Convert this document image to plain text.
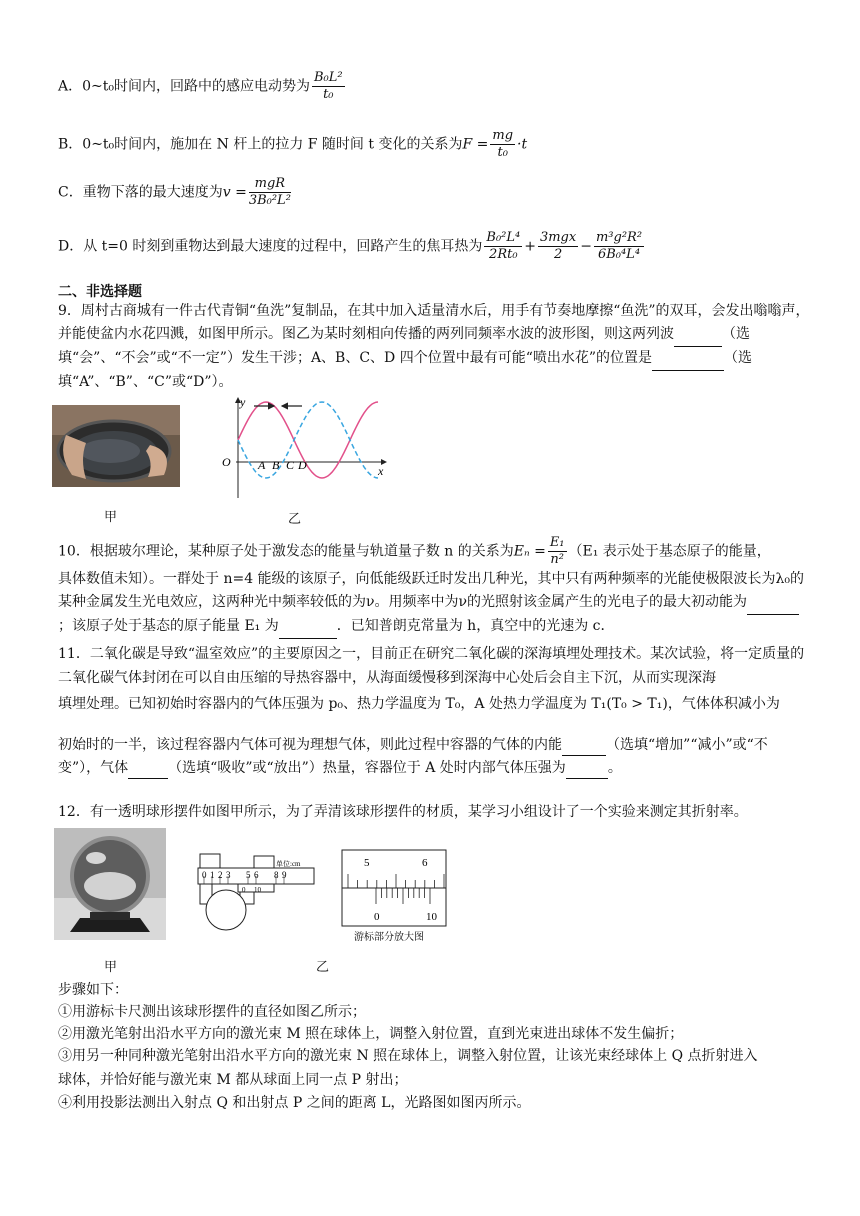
A．0~t₀时间内，回路中的感应电动势为 $\frac{\text{B₀L²}}{\text{t₀}}$
B．0~t₀时间内，施加在 N 杆上的拉力 F 随时间 t 变化的关系为$F = \frac{mg}{\text{t₀}} \cdot t$
C．重物下落的最大速度为$v = \frac{\text{mgR}}{\text{3B₀²L²}}$
D．从 t=0 时刻到重物达到最大速度的过程中，回路产生的焦耳热为 $\frac{\text{B₀²L⁴}}{\text{2Rt₀}} + \frac{\text{3mgx}}{2} - \frac{\text{m³g²R²}}{\text{6B₀⁴L⁴}}$
二、非选择题
9．周村古商城有一件古代青铜“鱼洗”复制品，在其中加入适量清水后，用手有节奏地摩擦“鱼洗”的双耳，会发出嗡嗡声，并能使盆内水花四溅，如图甲所示。图乙为某时刻相向传播的两列同频率水波的波形图，则这两列波	（选填“会”、“不会”或“不一定”）发生干涉；A、B、C、D 四个位置中最有可能“喷出水花”的位置是	（选填“A”、“B”、“C”或“D”）。
甲
y
x
O A B C D
乙
10．根据玻尔理论，某种原子处于激发态的能量与轨道量子数 n 的关系为$E_n = \frac{\text{E₁}}{\text{n²}} (E_1$ 表示处于基态原子的能量，
具体数值未知）。一群处于 n=4 能级的该原子，向低能级跃迁时发出几种光，其中只有两种频率的光能使极限波长为λ₀的某种金属发生光电效应，这两种光中频率较低的为ν。用频率中为ν的光照射该金属产生的光电子的最大初动能为 ；该原子处于基态的原子能量 E₁ 为	．已知普朗克常量为 h，真空中的光速为 c．
11．二氧化碳是导致“温室效应”的主要原因之一，目前正在研究二氧化碳的深海填埋处理技术。某次试验，将一定质量的二氧化碳气体封闭在可以自由压缩的导热容器中，从海面缓慢移到深海中心处后会自主下沉，从而实现深海
填埋处理。已知初始时容器内的气体压强为 p₀、热力学温度为 T₀，A 处热力学温度为 T₁(T₀ > T₁)，气体体积减小为
初始时的一半，该过程容器内气体可视为理想气体，则此过程中容器的气体的内能	（选填“增加”“减小”或“不
变”），气体	（选填“吸收”或“放出”）热量，容器位于 A 处时内部气体压强为	。
12．有一透明球形摆件如图甲所示，为了弄清该球形摆件的材质，某学习小组设计了一个实验来测定其折射率。
甲
0 1 2 3 5 6 8 9
单位:cm
0 10
5	6
0	10
游标部分放大图
乙
步骤如下：
①用游标卡尺测出该球形摆件的直径如图乙所示；
②用激光笔射出沿水平方向的激光束 M 照在球体上，调整入射位置，直到光束进出球体不发生偏折；
③用另一种同种激光笔射出沿水平方向的激光束 N 照在球体上，调整入射位置，让该光束经球体上 Q 点折射进入
球体，并恰好能与激光束 M 都从球面上同一点 P 射出；
④利用投影法测出入射点 Q 和出射点 P 之间的距离 L，光路图如图丙所示。
